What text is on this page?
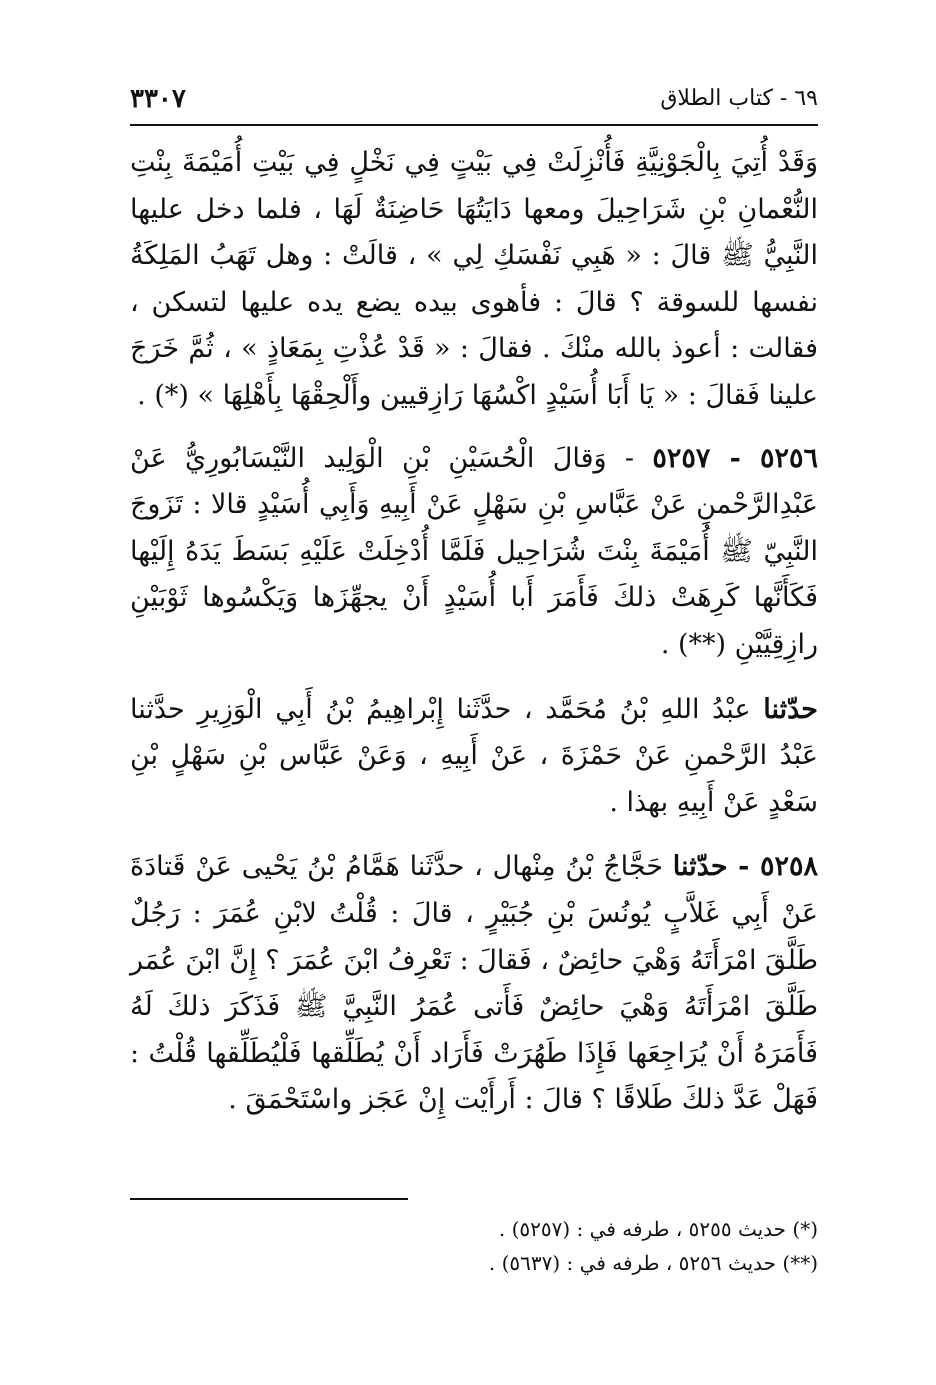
٦٩ - كتاب الطلاق
٣٣٠٧

وَقَدْ أُتِيَ بِالْجَوْنِيَّةِ فَأُنْزِلَتْ فِي بَيْتٍ فِي نَخْلٍ فِي بَيْتِ أُمَيْمَةَ بِنْتِ النُّعْمانِ بْنِ شَرَاحِيلَ ومعها دَايَتُهَا حَاضِنَةٌ لَهَا ، فلما دخل عليها النَّبِيُّ ﷺ قالَ : « هَبِي نَفْسَكِ لِي » ، قالَتْ : وهل تَهَبُ المَلِكَةُ نفسها للسوقة ؟ قالَ : فأهوى بيده يضع يده عليها لتسكن ، فقالت : أعوذ بالله منْكَ . فقالَ : « قَدْ عُذْتِ بِمَعَاذٍ » ، ثُمَّ خَرَجَ علينا فَقالَ : « يَا أَبَا أُسَيْدٍ اكْسُهَا رَازِقيين وأَلْحِقْهَا بِأَهْلِهَا » (*) .

٥٢٥٦ - ٥٢٥٧ - وَقالَ الْحُسَيْنِ بْنِ الْوَلِيد النَّيْسَابُورِيُّ عَنْ عَبْدِالرَّحْمنِ عَنْ عَبَّاسِ بْنِ سَهْلٍ عَنْ أَبِيهِ وَأَبِي أُسَيْدٍ قالا : تَزَوجَ النَّبِيّ ﷺ أُمَيْمَةَ بِنْتَ شُرَاحِيل فَلَمَّا أُدْخِلَتْ عَلَيْهِ بَسَطَ يَدَهُ إِلَيْها فَكَأَنَّها كَرِهَتْ ذلكَ فَأَمَرَ أَبا أُسَيْدٍ أَنْ يجهِّزَها وَيَكْسُوها ثَوْبَيْنِ رازِقِيَّيْنِ (**) .

حدّثنا عبْدُ اللهِ بْنُ مُحَمَّد ، حدَّثَنا إِبْراهِيمُ بْنُ أَبِي الْوَزِيرِ حدَّثنا عَبْدُ الرَّحْمنِ عَنْ حَمْزَةَ ، عَنْ أَبِيهِ ، وَعَنْ عَبَّاس بْنِ سَهْلٍ بْنِ سَعْدٍ عَنْ أَبِيهِ بهذا .

٥٢٥٨ - حدّثنا حَجَّاجُ بْنُ مِنْهال ، حدَّثَنا هَمَّامُ بْنُ يَحْيى عَنْ قَتادَةَ عَنْ أَبِي غَلاَّبٍ يُونُسَ بْنِ جُبَيْرٍ ، قالَ : قُلْتُ لابْنِ عُمَرَ : رَجُلٌ طَلَّقَ امْرَأَتَهُ وَهْيَ حائِضٌ ، فَقالَ : تَعْرِفُ ابْنَ عُمَرَ ؟ إِنَّ ابْنَ عُمَر طَلَّقَ امْرَأَتَهُ وَهْيَ حائِضٌ فَأَتى عُمَرُ النَّبِيَّ ﷺ فَذَكَرَ ذلكَ لَهُ فَأَمَرَهُ أَنْ يُرَاجِعَها فَإِذَا طَهُرَتْ فَأَرَاد أَنْ يُطَلِّقها فَلْيُطَلِّقها قُلْتُ : فَهَلْ عَدَّ ذلكَ طَلاقًا ؟ قالَ : أَرأَيْت إِنْ عَجَز واسْتَحْمَقَ .

(*) حديث ٥٢٥٥ ، طرفه في : (٥٢٥٧) .
(**) حديث ٥٢٥٦ ، طرفه في : (٥٦٣٧) .
